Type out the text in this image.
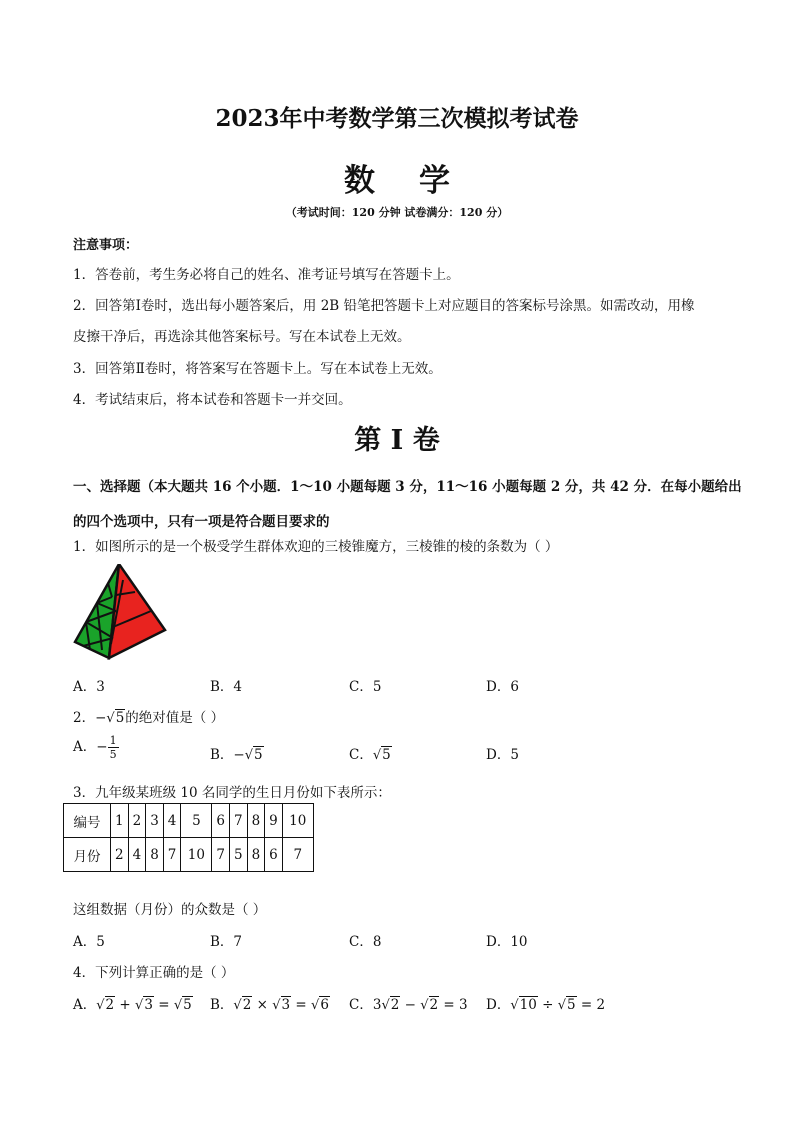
2023年中考数学第三次模拟考试卷
数 学
（考试时间：120 分钟 试卷满分：120 分）
注意事项：
1．答卷前，考生务必将自己的姓名、准考证号填写在答题卡上。
2．回答第Ⅰ卷时，选出每小题答案后，用 2B 铅笔把答题卡上对应题目的答案标号涂黑。如需改动，用橡
皮擦干净后，再选涂其他答案标号。写在本试卷上无效。
3．回答第Ⅱ卷时，将答案写在答题卡上。写在本试卷上无效。
4．考试结束后，将本试卷和答题卡一并交回。
第 I 卷
一、选择题（本大题共 16 个小题．1～10 小题每题 3 分，11～16 小题每题 2 分，共 42 分．在每小题给出
的四个选项中，只有一项是符合题目要求的
1．如图所示的是一个极受学生群体欢迎的三棱锥魔方，三棱锥的棱的条数为（ ）
A．3	B．4	C．5	D．6
2．−√5的绝对值是（ ）
A．− $\frac{1}{5}$	B．−√5	C．√5	D．5
3．九年级某班级 10 名同学的生日月份如下表所示：
编号	1	2	3	4	5	6	7	8	9	10
月份	2	4	8	7	10	7	5	8	6	7
这组数据（月份）的众数是（ ）
A．5	B．7	C．8	D．10
4．下列计算正确的是（ ）
A．√2 + √3 = √5 B．√2 × √3 = √6 C．3√2 − √2 = 3 D．√10 ÷ √5 = 2
